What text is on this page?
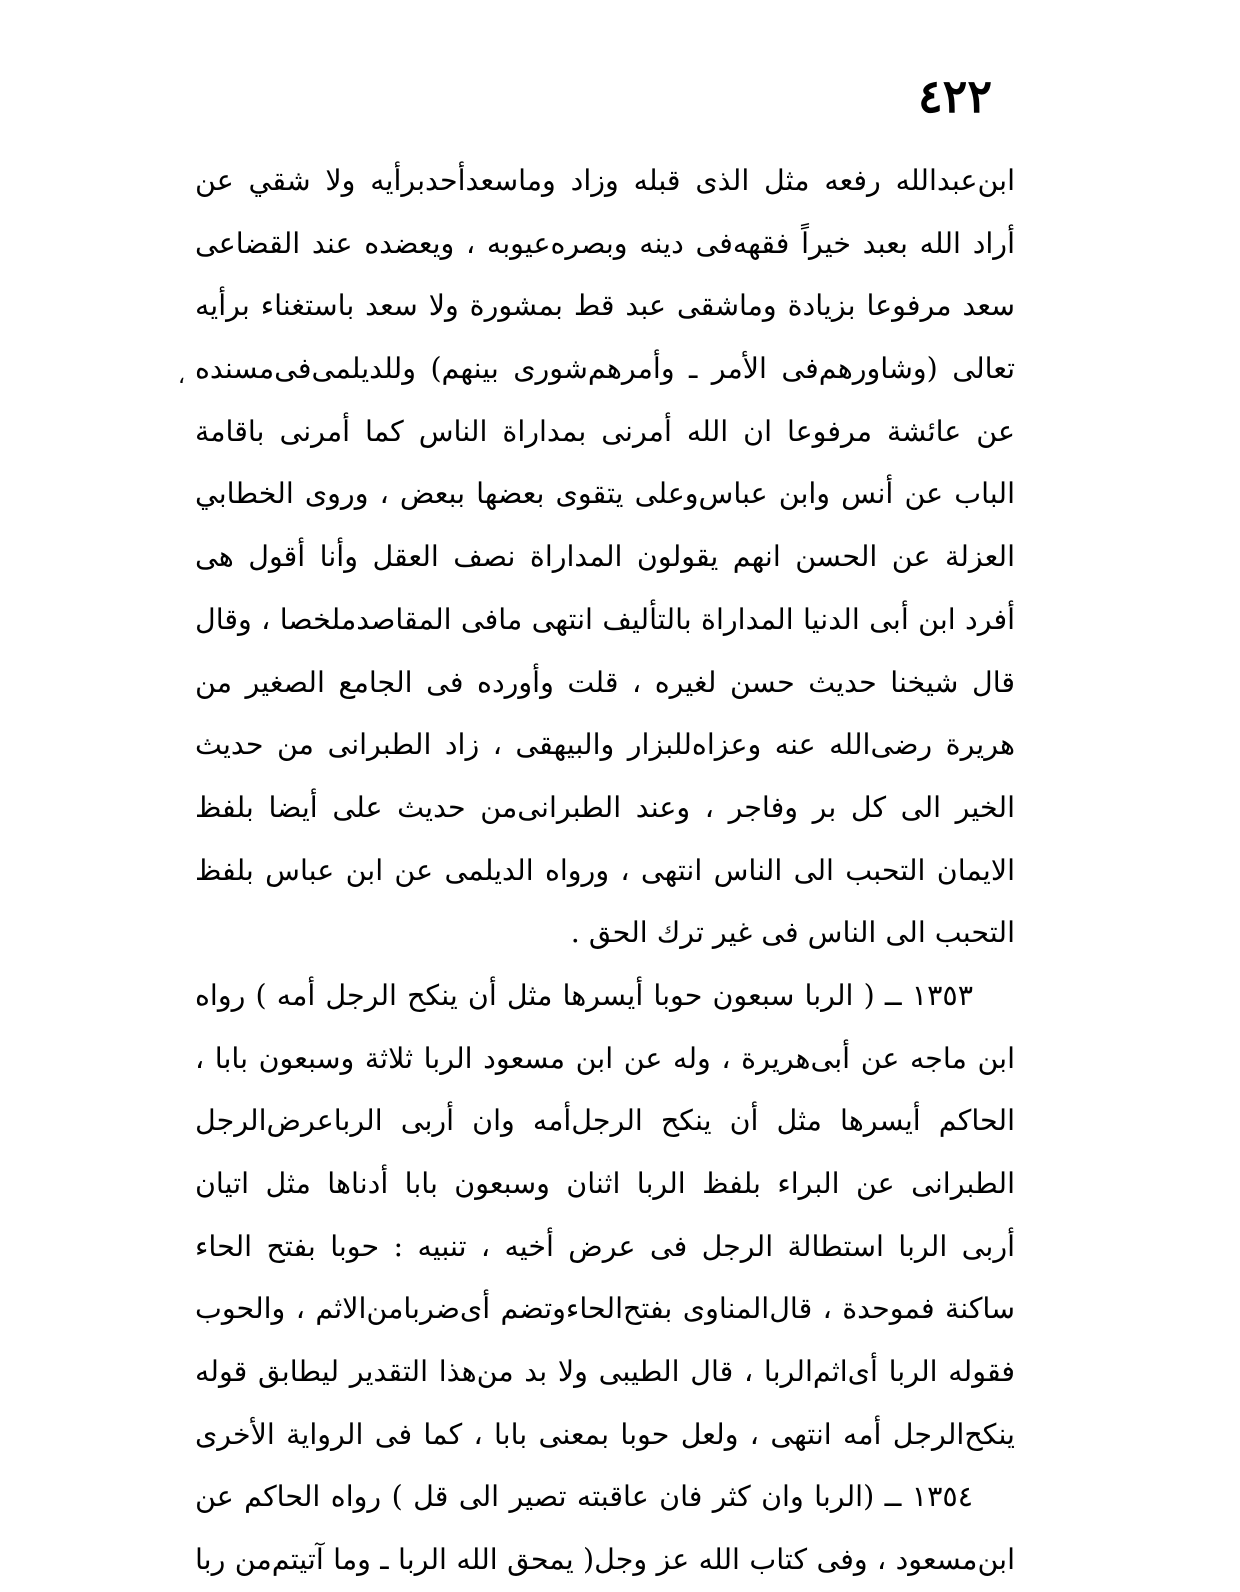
٤٢٢
،
ابن‌عبدالله رفعه مثل الذى قبله وزاد وماسعدأحدبرأيه ولا شقي عن
أراد الله بعبد خيراً فقهه‌فى دينه وبصره‌عيوبه ، ويعضده عند القضاعى
سعد مرفوعا بزيادة وماشقى عبد قط بمشورة ولا سعد باستغناء برأيه
تعالى (وشاورهم‌فى الأمر ـ وأمرهم‌شورى بينهم) وللديلمى‌فى‌مسنده
عن عائشة مرفوعا ان الله أمرنى بمداراة الناس كما أمرنى باقامة
الباب عن أنس وابن عباس‌وعلى يتقوى بعضها ببعض ، وروى الخطابي
العزلة عن الحسن انهم يقولون المداراة نصف العقل وأنا أقول هى
أفرد ابن أبى الدنيا المداراة بالتأليف انتهى مافى المقاصدملخصا ، وقال
قال شيخنا حديث حسن لغيره ، قلت وأورده فى الجامع الصغير من
هريرة رضى‌الله عنه وعزاه‌للبزار والبيهقى ، زاد الطبرانى من حديث
الخير الى كل بر وفاجر ، وعند الطبرانى‌من حديث على أيضا بلفظ
الايمان التحبب الى الناس انتهى ، ورواه الديلمى عن ابن عباس بلفظ
التحبب الى الناس فى غير ترك الحق .
١٣٥٣ ــ ( الربا سبعون حوبا أيسرها مثل أن ينكح الرجل أمه ) رواه
ابن ماجه عن أبى‌هريرة ، وله عن ابن مسعود الربا ثلاثة وسبعون بابا ،
الحاكم أيسرها مثل أن ينكح الرجل‌أمه وان أربى الرباعرض‌الرجل
الطبرانى عن البراء بلفظ الربا اثنان وسبعون بابا أدناها مثل اتيان
أربى الربا استطالة الرجل فى عرض أخيه ، تنبيه : حوبا بفتح الحاء
ساكنة فموحدة ، قال‌المناوى بفتح‌الحاء‌وتضم أى‌ضربا‌من‌الاثم ، والحوب
فقوله الربا أى‌اثم‌الربا ، قال الطيبى ولا بد من‌هذا التقدير ليطابق قوله
ينكح‌الرجل أمه انتهى ، ولعل حوبا بمعنى بابا ، كما فى الرواية الأخرى
١٣٥٤ ــ (الربا وان كثر فان عاقبته تصير الى قل ) رواه الحاكم عن
ابن‌مسعود ، وفى كتاب الله عز وجل( يمحق الله الربا ـ وما آتيتم‌من ربا
